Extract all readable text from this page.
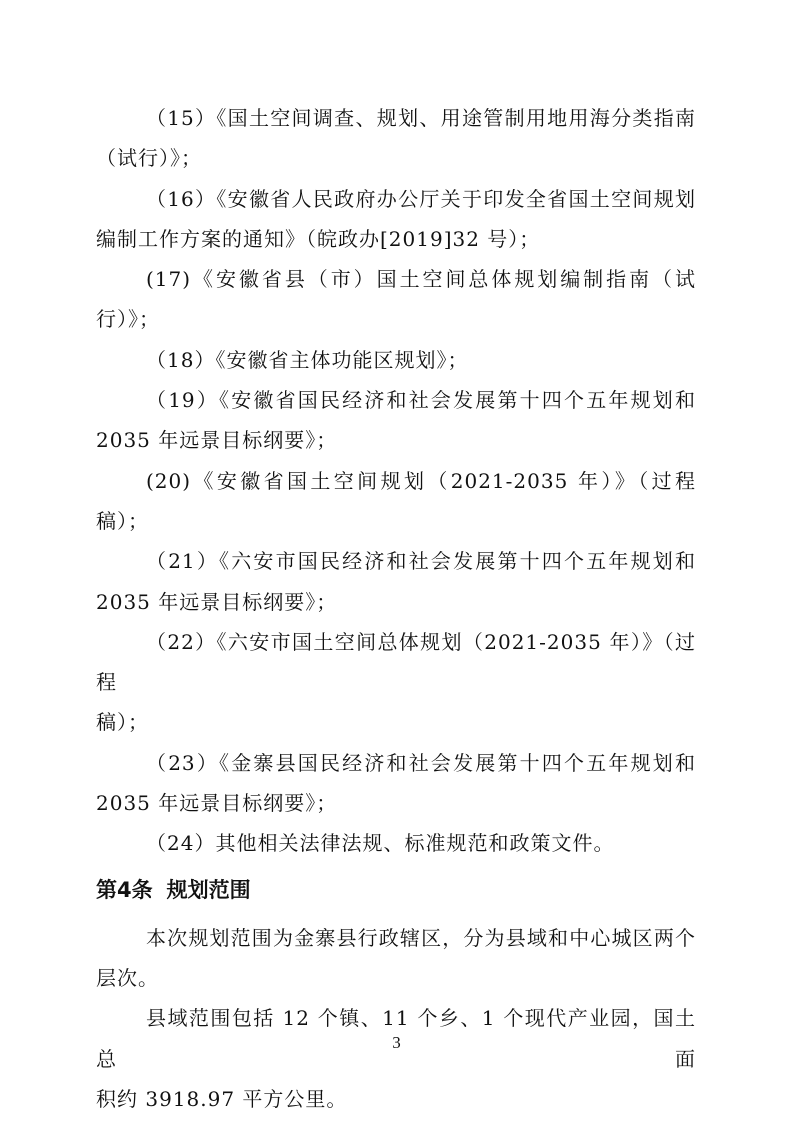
（15）《国土空间调查、规划、用途管制用地用海分类指南

（试行）》；

（16）《安徽省人民政府办公厅关于印发全省国土空间规划

编制工作方案的通知》（皖政办[2019]32 号）；

(17)《安徽省县（市）国土空间总体规划编制指南（试行）》；

（18）《安徽省主体功能区规划》；

（19）《安徽省国民经济和社会发展第十四个五年规划和

2035 年远景目标纲要》；

(20)《安徽省国土空间规划（2021-2035 年）》（过程稿）；

（21）《六安市国民经济和社会发展第十四个五年规划和

2035 年远景目标纲要》；

（22）《六安市国土空间总体规划（2021-2035 年）》（过程

稿）；

（23）《金寨县国民经济和社会发展第十四个五年规划和

2035 年远景目标纲要》；

（24）其他相关法律法规、标准规范和政策文件。

第4条 规划范围

本次规划范围为金寨县行政辖区，分为县域和中心城区两个

层次。

县域范围包括 12 个镇、11 个乡、1 个现代产业园，国土总面

积约 3918.97 平方公里。

3
